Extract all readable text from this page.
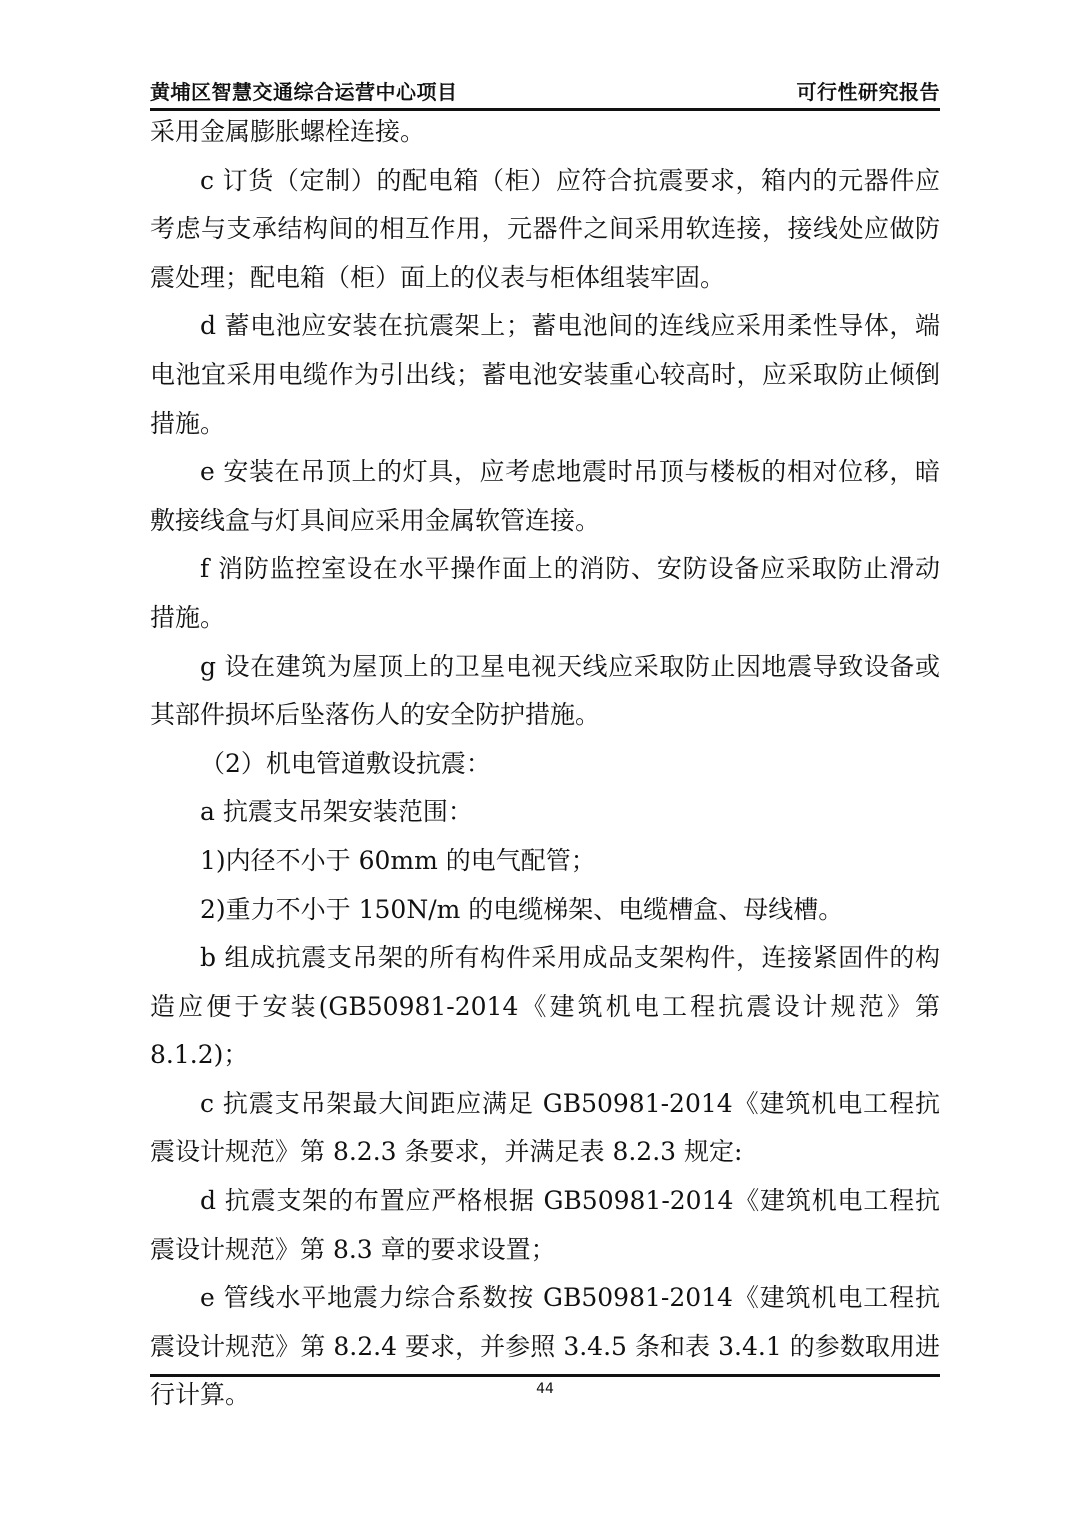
黄埔区智慧交通综合运营中心项目	可行性研究报告

采用金属膨胀螺栓连接。

c 订货（定制）的配电箱（柜）应符合抗震要求，箱内的元器件应考虑与支承结构间的相互作用，元器件之间采用软连接，接线处应做防震处理；配电箱（柜）面上的仪表与柜体组装牢固。

d 蓄电池应安装在抗震架上；蓄电池间的连线应采用柔性导体，端电池宜采用电缆作为引出线；蓄电池安装重心较高时，应采取防止倾倒措施。

e 安装在吊顶上的灯具，应考虑地震时吊顶与楼板的相对位移，暗敷接线盒与灯具间应采用金属软管连接。

f 消防监控室设在水平操作面上的消防、安防设备应采取防止滑动措施。

g 设在建筑为屋顶上的卫星电视天线应采取防止因地震导致设备或其部件损坏后坠落伤人的安全防护措施。

（2）机电管道敷设抗震：

a 抗震支吊架安装范围：

1)内径不小于 60mm 的电气配管；

2)重力不小于 150N/m 的电缆梯架、电缆槽盒、母线槽。

b 组成抗震支吊架的所有构件采用成品支架构件，连接紧固件的构造应便于安装(GB50981-2014《建筑机电工程抗震设计规范》第 8.1.2)；

c 抗震支吊架最大间距应满足 GB50981-2014《建筑机电工程抗震设计规范》第 8.2.3 条要求，并满足表 8.2.3 规定:

d 抗震支架的布置应严格根据 GB50981-2014《建筑机电工程抗震设计规范》第 8.3 章的要求设置；

e 管线水平地震力综合系数按 GB50981-2014《建筑机电工程抗震设计规范》第 8.2.4 要求，并参照 3.4.5 条和表 3.4.1 的参数取用进行计算。	44
